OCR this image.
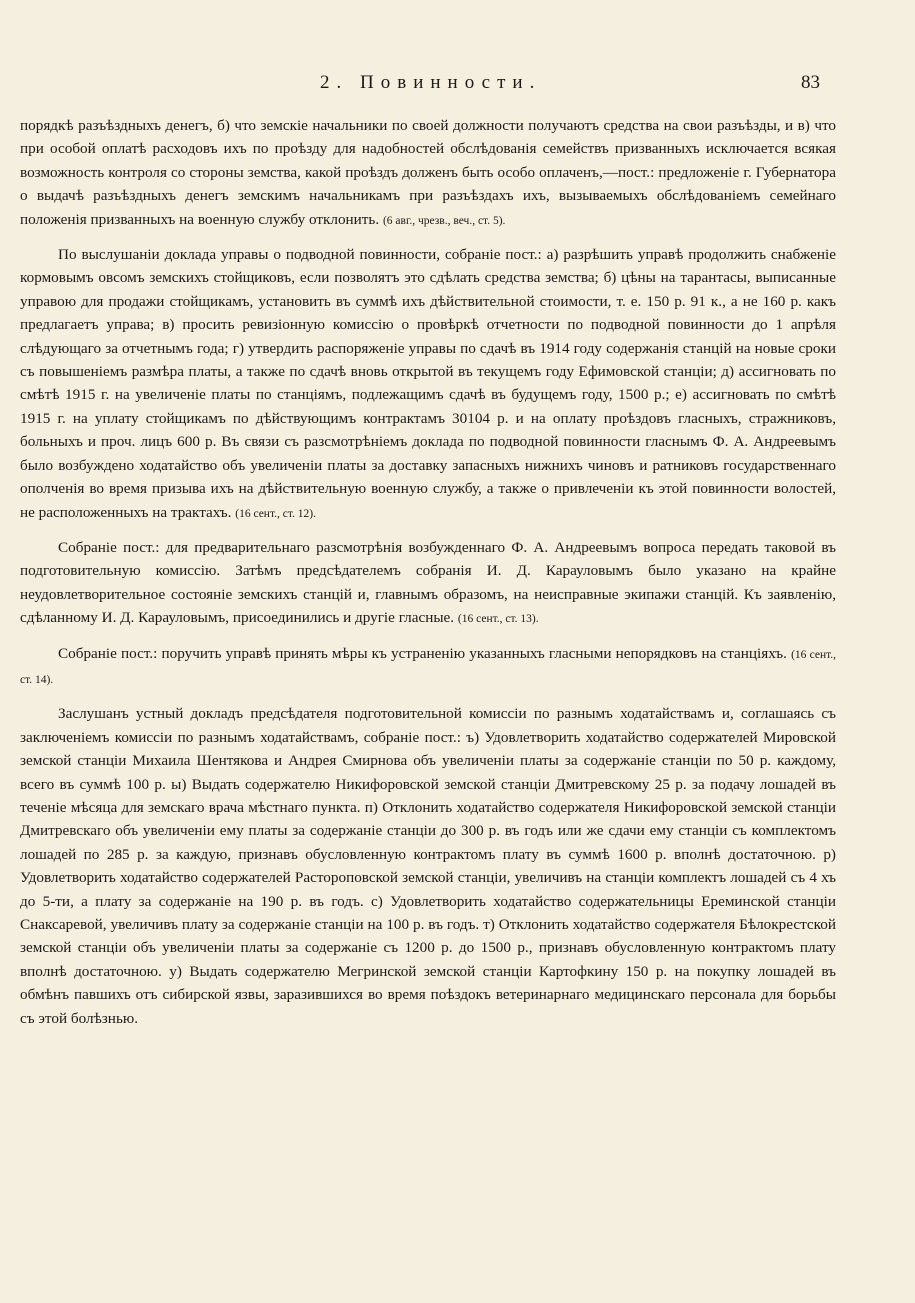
2. Повинности.	83

порядкѣ разъѣздныхъ денегъ, б) что земскіе начальники по своей должности получаютъ средства на свои разъѣзды, и в) что при особой оплатѣ расходовъ ихъ по проѣзду для надобностей обслѣдованія семействъ призванныхъ исключается всякая возможность контроля со стороны земства, какой проѣздъ долженъ быть особо оплаченъ,—пост.: предложеніе г. Губернатора о выдачѣ разъѣздныхъ денегъ земскимъ начальникамъ при разъѣздахъ ихъ, вызываемыхъ обслѣдованіемъ семейнаго положенія призванныхъ на военную службу отклонить. (6 авг., чрезв., веч., ст. 5).

По выслушаніи доклада управы о подводной повинности, собраніе пост.: а) разрѣшить управѣ продолжить снабженіе кормовымъ овсомъ земскихъ стойщиковъ, если позволятъ это сдѣлать средства земства; б) цѣны на тарантасы, выписанные управою для продажи стойщикамъ, установить въ суммѣ ихъ дѣйствительной стоимости, т. е. 150 р. 91 к., а не 160 р. какъ предлагаетъ управа; в) просить ревизіонную комиссію о провѣркѣ отчетности по подводной повинности до 1 апрѣля слѣдующаго за отчетнымъ года; г) утвердить распоряженіе управы по сдачѣ въ 1914 году содержанія станцій на новые сроки съ повышеніемъ размѣра платы, а также по сдачѣ вновь открытой въ текущемъ году Ефимовской станціи; д) ассигновать по смѣтѣ 1915 г. на увеличеніе платы по станціямъ, подлежащимъ сдачѣ въ будущемъ году, 1500 р.; е) ассигновать по смѣтѣ 1915 г. на уплату стойщикамъ по дѣйствующимъ контрактамъ 30104 р. и на оплату проѣздовъ гласныхъ, стражниковъ, больныхъ и проч. лицъ 600 р. Въ связи съ разсмотрѣніемъ доклада по подводной повинности гласнымъ Ф. А. Андреевымъ было возбуждено ходатайство объ увеличеніи платы за доставку запасныхъ нижнихъ чиновъ и ратниковъ государственнаго ополченія во время призыва ихъ на дѣйствительную военную службу, а также о привлеченіи къ этой повинности волостей, не расположенныхъ на трактахъ. (16 сент., ст. 12).

Собраніе пост.: для предварительнаго разсмотрѣнія возбужденнаго Ф. А. Андреевымъ вопроса передать таковой въ подготовительную комиссію. Затѣмъ предсѣдателемъ собранія И. Д. Карауловымъ было указано на крайне неудовлетворительное состояніе земскихъ станцій и, главнымъ образомъ, на неисправные экипажи станцій. Къ заявленію, сдѣланному И. Д. Карауловымъ, присоединились и другіе гласные. (16 сент., ст. 13).

Собраніе пост.: поручить управѣ принять мѣры къ устраненію указанныхъ гласными непорядковъ на станціяхъ. (16 сент., ст. 14).

Заслушанъ устный докладъ предсѣдателя подготовительной комиссіи по разнымъ ходатайствамъ и, соглашаясь съ заключеніемъ комиссіи по разнымъ ходатайствамъ, собраніе пост.: ъ) Удовлетворить ходатайство содержателей Мировской земской станціи Михаила Шентякова и Андрея Смирнова объ увеличеніи платы за содержаніе станціи по 50 р. каждому, всего въ суммѣ 100 р. ы) Выдать содержателю Никифоровской земской станціи Дмитревскому 25 р. за подачу лошадей въ теченіе мѣсяца для земскаго врача мѣстнаго пункта. п) Отклонить ходатайство содержателя Никифоровской земской станціи Дмитревскаго объ увеличеніи ему платы за содержаніе станціи до 300 р. въ годъ или же сдачи ему станціи съ комплектомъ лошадей по 285 р. за каждую, признавъ обусловленную контрактомъ плату въ суммѣ 1600 р. вполнѣ достаточною. р) Удовлетворить ходатайство содержателей Растороповской земской станціи, увеличивъ на станціи комплектъ лошадей съ 4 хъ до 5-ти, а плату за содержаніе на 190 р. въ годъ. с) Удовлетворить ходатайство содержательницы Ереминской станціи Снаксаревой, увеличивъ плату за содержаніе станціи на 100 р. въ годъ. т) Отклонить ходатайство содержателя Бѣлокрестской земской станціи объ увеличеніи платы за содержаніе съ 1200 р. до 1500 р., признавъ обусловленную контрактомъ плату вполнѣ достаточною. у) Выдать содержателю Мегринской земской станціи Картофкину 150 р. на покупку лошадей въ обмѣнъ павшихъ отъ сибирской язвы, заразившихся во время поѣздокъ ветеринарнаго медицинскаго персонала для борьбы съ этой болѣзнью.
